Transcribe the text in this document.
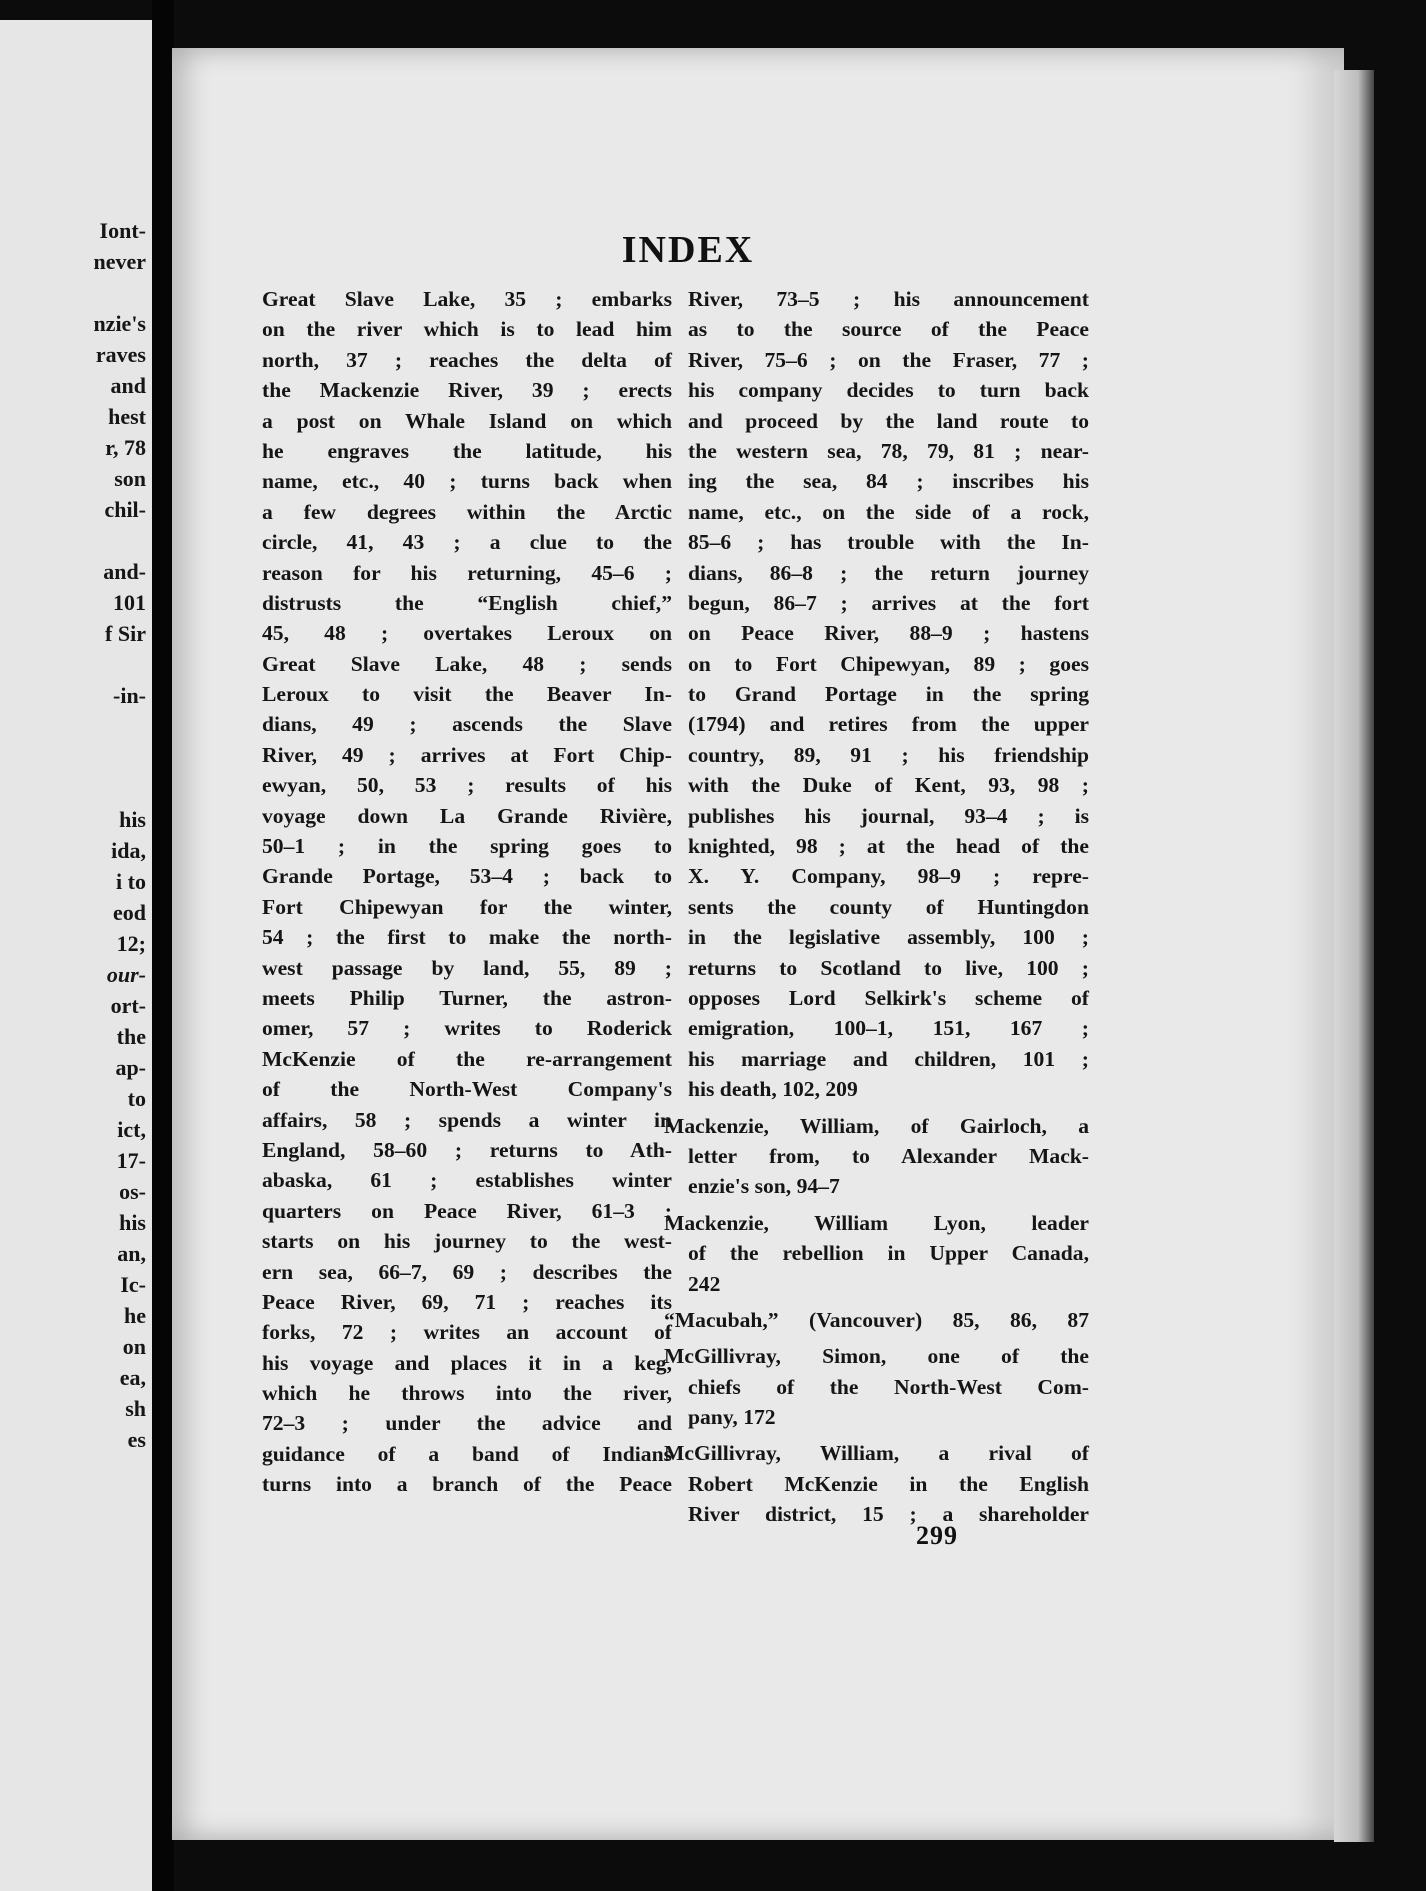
Iont-
never
nzie's
raves
and
hest
r, 78
son
chil-
and-
101
f Sir
-in-
his
ida,
i to
eod
12;
our-
ort-
the
ap-
to
ict,
17-
os-
his
an,
Ic-
he
on
ea,
sh
es
INDEX
Great Slave Lake, 35 ; embarks
on the river which is to lead him
north, 37 ; reaches the delta of
the Mackenzie River, 39 ; erects
a post on Whale Island on which
he engraves the latitude, his
name, etc., 40 ; turns back when
a few degrees within the Arctic
circle, 41, 43 ; a clue to the
reason for his returning, 45–6 ;
distrusts the “English chief,”
45, 48 ; overtakes Leroux on
Great Slave Lake, 48 ; sends
Leroux to visit the Beaver In-
dians, 49 ; ascends the Slave
River, 49 ; arrives at Fort Chip-
ewyan, 50, 53 ; results of his
voyage down La Grande Rivière,
50–1 ; in the spring goes to
Grande Portage, 53–4 ; back to
Fort Chipewyan for the winter,
54 ; the first to make the north-
west passage by land, 55, 89 ;
meets Philip Turner, the astron-
omer, 57 ; writes to Roderick
McKenzie of the re-arrangement
of the North-West Company's
affairs, 58 ; spends a winter in
England, 58–60 ; returns to Ath-
abaska, 61 ; establishes winter
quarters on Peace River, 61–3 ;
starts on his journey to the west-
ern sea, 66–7, 69 ; describes the
Peace River, 69, 71 ; reaches its
forks, 72 ; writes an account of
his voyage and places it in a keg,
which he throws into the river,
72–3 ; under the advice and
guidance of a band of Indians
turns into a branch of the Peace
River, 73–5 ; his announcement
as to the source of the Peace
River, 75–6 ; on the Fraser, 77 ;
his company decides to turn back
and proceed by the land route to
the western sea, 78, 79, 81 ; near-
ing the sea, 84 ; inscribes his
name, etc., on the side of a rock,
85–6 ; has trouble with the In-
dians, 86–8 ; the return journey
begun, 86–7 ; arrives at the fort
on Peace River, 88–9 ; hastens
on to Fort Chipewyan, 89 ; goes
to Grand Portage in the spring
(1794) and retires from the upper
country, 89, 91 ; his friendship
with the Duke of Kent, 93, 98 ;
publishes his journal, 93–4 ; is
knighted, 98 ; at the head of the
X. Y. Company, 98–9 ; repre-
sents the county of Huntingdon
in the legislative assembly, 100 ;
returns to Scotland to live, 100 ;
opposes Lord Selkirk's scheme of
emigration, 100–1, 151, 167 ;
his marriage and children, 101 ;
his death, 102, 209
Mackenzie, William, of Gairloch, a
letter from, to Alexander Mack-
enzie's son, 94–7
Mackenzie, William Lyon, leader
of the rebellion in Upper Canada,
242
“Macubah,” (Vancouver) 85, 86, 87
McGillivray, Simon, one of the
chiefs of the North-West Com-
pany, 172
McGillivray, William, a rival of
Robert McKenzie in the English
River district, 15 ; a shareholder
299
